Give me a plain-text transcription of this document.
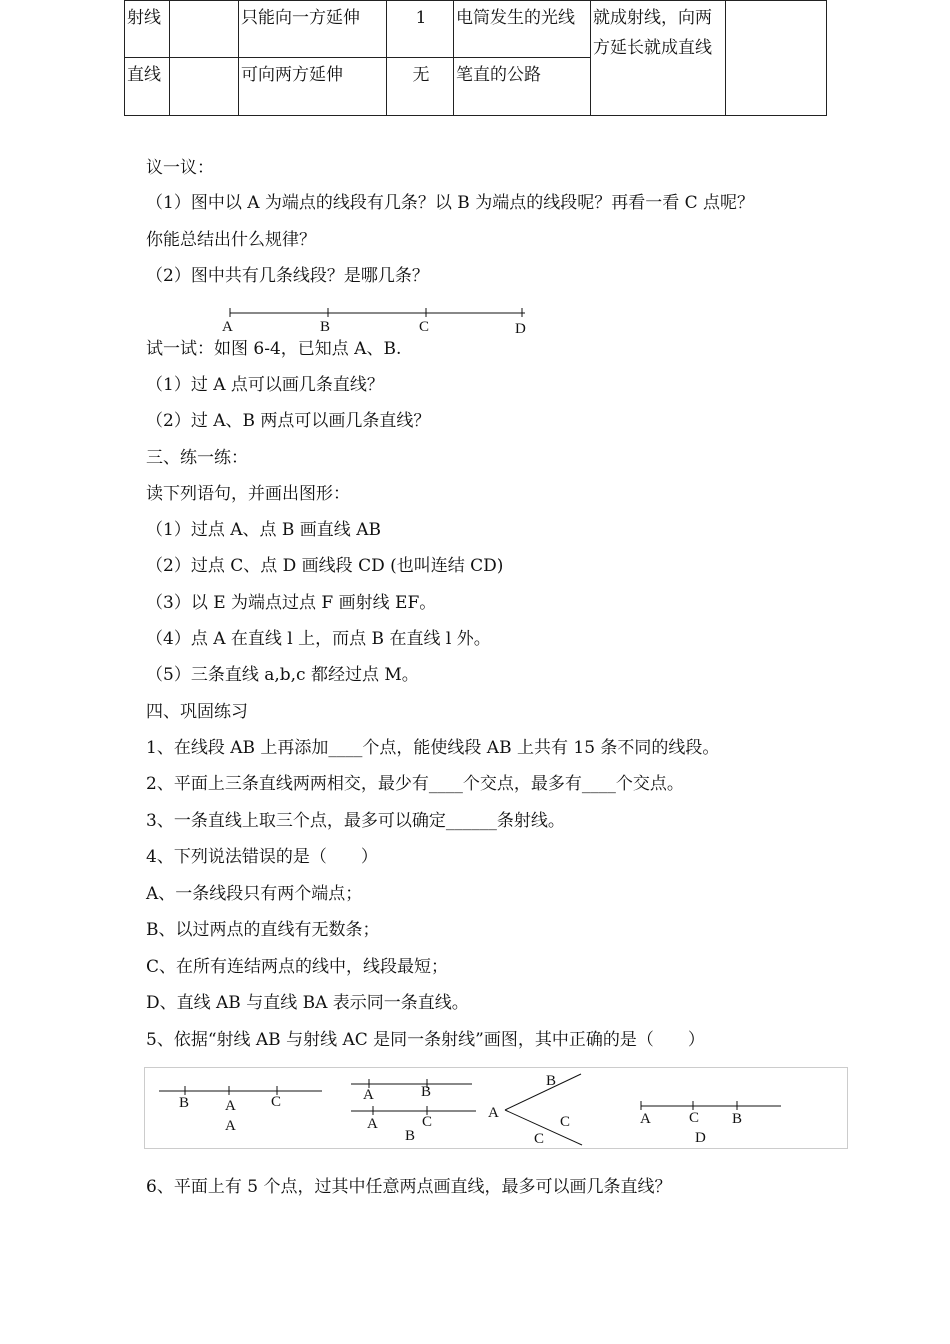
射线		只能向一方延伸	1	电筒发生的光线	就成射线，向两方延长就成直线	
直线		可向两方延伸	无	笔直的公路		
议一议：
（1）图中以 A 为端点的线段有几条？以 B 为端点的线段呢？再看一看 C 点呢？
你能总结出什么规律？
（2）图中共有几条线段？是哪几条？
A	B	C	D
试一试：如图 6-4，已知点 A、B.
（1）过 A 点可以画几条直线？
（2）过 A、B 两点可以画几条直线？
三、练一练：
读下列语句，并画出图形：
（1）过点 A、点 B 画直线 AB
（2）过点 C、点 D 画线段 CD (也叫连结 CD)
（3）以 E 为端点过点 F 画射线 EF。
（4）点 A 在直线 l 上，而点 B 在直线 l 外。
（5）三条直线 a,b,c 都经过点 M。
四、巩固练习
1、在线段 AB 上再添加____个点，能使线段 AB 上共有 15 条不同的线段。
2、平面上三条直线两两相交，最少有____个交点，最多有____个交点。
3、一条直线上取三个点，最多可以确定______条射线。
4、下列说法错误的是（　　）
A、一条线段只有两个端点；
B、以过两点的直线有无数条；
C、在所有连结两点的线中，线段最短；
D、直线 AB 与直线 BA 表示同一条直线。
5、依据“射线 AB 与射线 AC 是同一条射线”画图，其中正确的是（　　）
B A C
A
A	B
A	C
B
B
A
C
C
A	C B
D
6、平面上有 5 个点，过其中任意两点画直线，最多可以画几条直线？
